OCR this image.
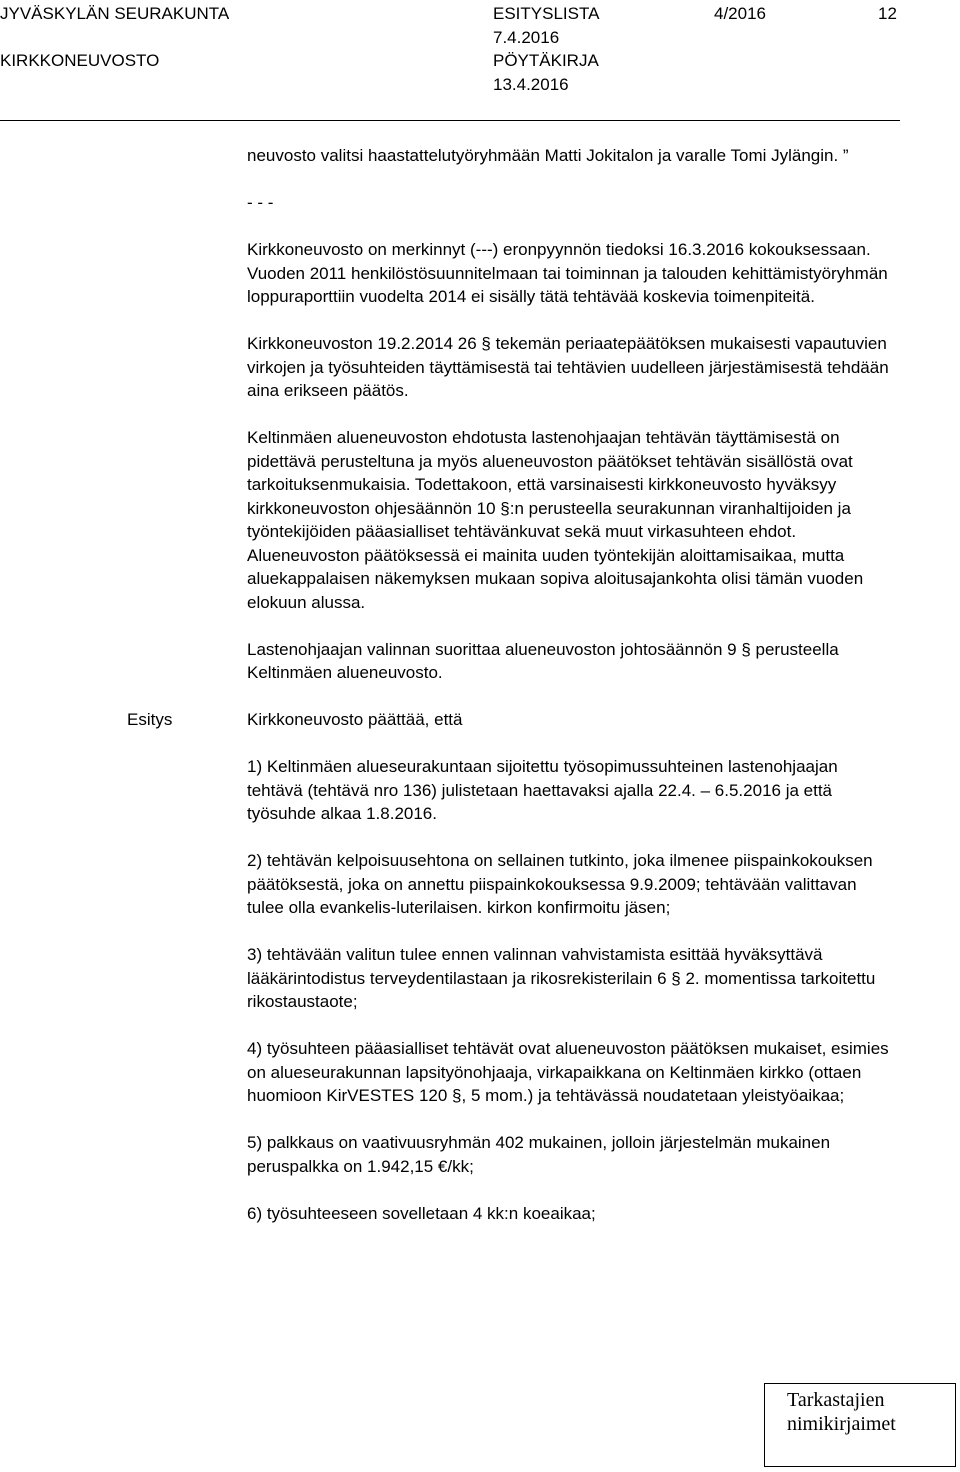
JYVÄSKYLÄN SEURAKUNTA
KIRKKONEUVOSTO
ESITYSLISTA	4/2016	12
7.4.2016
PÖYTÄKIRJA
13.4.2016

neuvosto valitsi haastattelutyöryhmään Matti Jokitalon ja varalle Tomi Jylängin. ”

- - -

Kirkkoneuvosto on merkinnyt (---) eronpyynnön tiedoksi 16.3.2016 kokouksessaan. Vuoden 2011 henkilöstösuunnitelmaan tai toiminnan ja talouden kehittämistyöryhmän loppuraporttiin vuodelta 2014 ei sisälly tätä tehtävää koskevia toimenpiteitä.

Kirkkoneuvoston 19.2.2014 26 § tekemän periaatepäätöksen mukaisesti vapautuvien virkojen ja työsuhteiden täyttämisestä tai tehtävien uudelleen järjestämisestä tehdään aina erikseen päätös.

Keltinmäen alueneuvoston ehdotusta lastenohjaajan tehtävän täyttämisestä on pidettävä perusteltuna ja myös alueneuvoston päätökset tehtävän sisällöstä ovat tarkoituksenmukaisia. Todettakoon, että varsinaisesti kirkkoneuvosto hyväksyy kirkkoneuvoston ohjesäännön 10 §:n perusteella seurakunnan viranhaltijoiden ja työntekijöiden pääasialliset tehtävänkuvat sekä muut virkasuhteen ehdot. Alueneuvoston päätöksessä ei mainita uuden työntekijän aloittamisaikaa, mutta aluekappalaisen näkemyksen mukaan sopiva aloitusajankohta olisi tämän vuoden elokuun alussa.

Lastenohjaajan valinnan suorittaa alueneuvoston johtosäännön 9 § perusteella Keltinmäen alueneuvosto.

Kirkkoneuvosto päättää, että

1) Keltinmäen alueseurakuntaan sijoitettu työsopimussuhteinen lastenohjaajan tehtävä (tehtävä nro 136) julistetaan haettavaksi ajalla 22.4. – 6.5.2016 ja että työsuhde alkaa 1.8.2016.

2) tehtävän kelpoisuusehtona on sellainen tutkinto, joka ilmenee piispainkokouksen päätöksestä, joka on annettu piispainkokouksessa 9.9.2009; tehtävään valittavan tulee olla evankelis-luterilaisen. kirkon konfirmoitu jäsen;

3) tehtävään valitun tulee ennen valinnan vahvistamista esittää hyväksyttävä lääkärintodistus terveydentilastaan ja rikosrekisterilain 6 § 2. momentissa tarkoitettu rikostaustaote;

4) työsuhteen pääasialliset tehtävät ovat alueneuvoston päätöksen mukaiset, esimies on alueseurakunnan lapsityönohjaaja, virkapaikkana on Keltinmäen kirkko (ottaen huomioon KirVESTES 120 §, 5 mom.) ja tehtävässä noudatetaan yleistyöaikaa;

5) palkkaus on vaativuusryhmän 402 mukainen, jolloin järjestelmän mukainen peruspalkka on 1.942,15 €/kk;

6) työsuhteeseen sovelletaan 4 kk:n koeaikaa;

Esitys
Tarkastajien
nimikirjaimet
